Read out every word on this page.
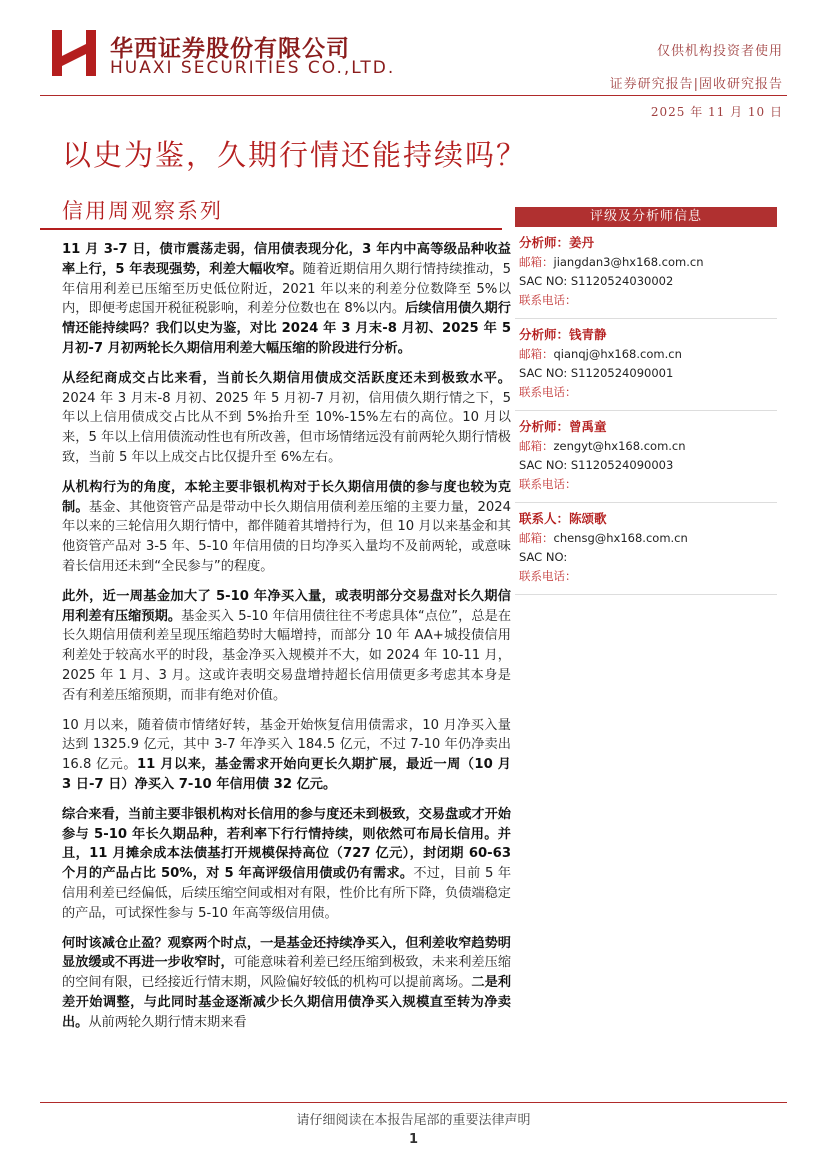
华西证券股份有限公司
HUAXI SECURITIES CO.,LTD.
仅供机构投资者使用
证券研究报告|固收研究报告
2025 年 11 月 10 日
以史为鉴，久期行情还能持续吗？
信用周观察系列

11 月 3-7 日，债市震荡走弱，信用债表现分化，3 年内中高等级品种收益率上行，5 年表现强势，利差大幅收窄。随着近期信用久期行情持续推动，5 年信用利差已压缩至历史低位附近，2021 年以来的利差分位数降至 5%以内，即便考虑国开税征税影响，利差分位数也在 8%以内。后续信用债久期行情还能持续吗？我们以史为鉴，对比 2024 年 3 月末-8 月初、2025 年 5 月初-7 月初两轮长久期信用利差大幅压缩的阶段进行分析。

从经纪商成交占比来看，当前长久期信用债成交活跃度还未到极致水平。2024 年 3 月末-8 月初、2025 年 5 月初-7 月初，信用债久期行情之下，5 年以上信用债成交占比从不到 5%抬升至 10%-15%左右的高位。10 月以来，5 年以上信用债流动性也有所改善，但市场情绪远没有前两轮久期行情极致，当前 5 年以上成交占比仅提升至 6%左右。

从机构行为的角度，本轮主要非银机构对于长久期信用债的参与度也较为克制。基金、其他资管产品是带动中长久期信用债利差压缩的主要力量，2024 年以来的三轮信用久期行情中，都伴随着其增持行为，但 10 月以来基金和其他资管产品对 3-5 年、5-10 年信用债的日均净买入量均不及前两轮，或意味着长信用还未到“全民参与”的程度。

此外，近一周基金加大了 5-10 年净买入量，或表明部分交易盘对长久期信用利差有压缩预期。基金买入 5-10 年信用债往往不考虑具体“点位”，总是在长久期信用债利差呈现压缩趋势时大幅增持，而部分 10 年 AA+城投债信用利差处于较高水平的时段，基金净买入规模并不大，如 2024 年 10-11 月，2025 年 1 月、3 月。这或许表明交易盘增持超长信用债更多考虑其本身是否有利差压缩预期，而非有绝对价值。

10 月以来，随着债市情绪好转，基金开始恢复信用债需求，10 月净买入量达到 1325.9 亿元，其中 3-7 年净买入 184.5 亿元，不过 7-10 年仍净卖出 16.8 亿元。11 月以来，基金需求开始向更长久期扩展，最近一周（10 月 3 日-7 日）净买入 7-10 年信用债 32 亿元。

综合来看，当前主要非银机构对长信用的参与度还未到极致，交易盘或才开始参与 5-10 年长久期品种，若利率下行行情持续，则依然可布局长信用。并且，11 月摊余成本法债基打开规模保持高位（727 亿元），封闭期 60-63 个月的产品占比 50%，对 5 年高评级信用债或仍有需求。不过，目前 5 年信用利差已经偏低，后续压缩空间或相对有限，性价比有所下降，负债端稳定的产品，可试探性参与 5-10 年高等级信用债。

何时该减仓止盈？观察两个时点，一是基金还持续净买入，但利差收窄趋势明显放缓或不再进一步收窄时，可能意味着利差已经压缩到极致，未来利差压缩的空间有限，已经接近行情末期，风险偏好较低的机构可以提前离场。二是利差开始调整，与此同时基金逐渐减少长久期信用债净买入规模直至转为净卖出。从前两轮久期行情末期来看

评级及分析师信息
分析师：姜丹
邮箱：jiangdan3@hx168.com.cn
SAC NO: S1120524030002
联系电话：
分析师：钱青静
邮箱：qianqj@hx168.com.cn
SAC NO: S1120524090001
联系电话：
分析师：曾禹童
邮箱：zengyt@hx168.com.cn
SAC NO: S1120524090003
联系电话：
联系人：陈颂歌
邮箱：chensg@hx168.com.cn
SAC NO:
联系电话：
请仔细阅读在本报告尾部的重要法律声明
1
